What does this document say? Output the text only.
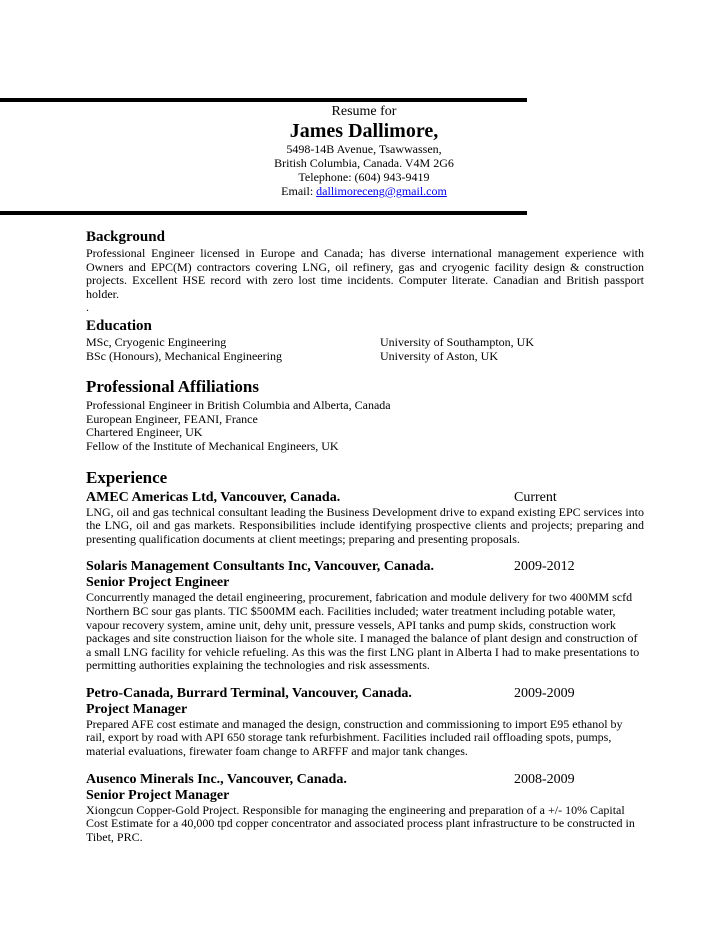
Resume for
James Dallimore,
5498-14B Avenue, Tsawwassen,
British Columbia, Canada. V4M 2G6
Telephone: (604) 943-9419
Email: dallimoreceng@gmail.com
Background

Professional Engineer licensed in Europe and Canada; has diverse international management experience with Owners and EPC(M) contractors covering LNG, oil refinery, gas and cryogenic facility design & construction projects. Excellent HSE record with zero lost time incidents. Computer literate. Canadian and British passport holder.

.

Education
MSc, Cryogenic Engineering	University of Southampton, UK
BSc (Honours), Mechanical Engineering	University of Aston, UK
Professional Affiliations
Professional Engineer in British Columbia and Alberta, Canada
European Engineer, FEANI, France
Chartered Engineer, UK
Fellow of the Institute of Mechanical Engineers, UK
Experience
AMEC Americas Ltd, Vancouver, Canada.	Current

LNG, oil and gas technical consultant leading the Business Development drive to expand existing EPC services into the LNG, oil and gas markets. Responsibilities include identifying prospective clients and projects; preparing and presenting qualification documents at client meetings; preparing and presenting proposals.

Solaris Management Consultants Inc, Vancouver, Canada.	2009-2012
Senior Project Engineer

Concurrently managed the detail engineering, procurement, fabrication and module delivery for two 400MM scfd Northern BC sour gas plants. TIC $500MM each. Facilities included; water treatment including potable water, vapour recovery system, amine unit, dehy unit, pressure vessels, API tanks and pump skids, construction work packages and site construction liaison for the whole site. I managed the balance of plant design and construction of a small LNG facility for vehicle refueling. As this was the first LNG plant in Alberta I had to make presentations to permitting authorities explaining the technologies and risk assessments.

Petro-Canada, Burrard Terminal, Vancouver, Canada.	2009-2009
Project Manager

Prepared AFE cost estimate and managed the design, construction and commissioning to import E95 ethanol by rail, export by road with API 650 storage tank refurbishment. Facilities included rail offloading spots, pumps, material evaluations, firewater foam change to ARFFF and major tank changes.

Ausenco Minerals Inc., Vancouver, Canada.	2008-2009
Senior Project Manager

Xiongcun Copper-Gold Project. Responsible for managing the engineering and preparation of a +/- 10% Capital Cost Estimate for a 40,000 tpd copper concentrator and associated process plant infrastructure to be constructed in Tibet, PRC.
